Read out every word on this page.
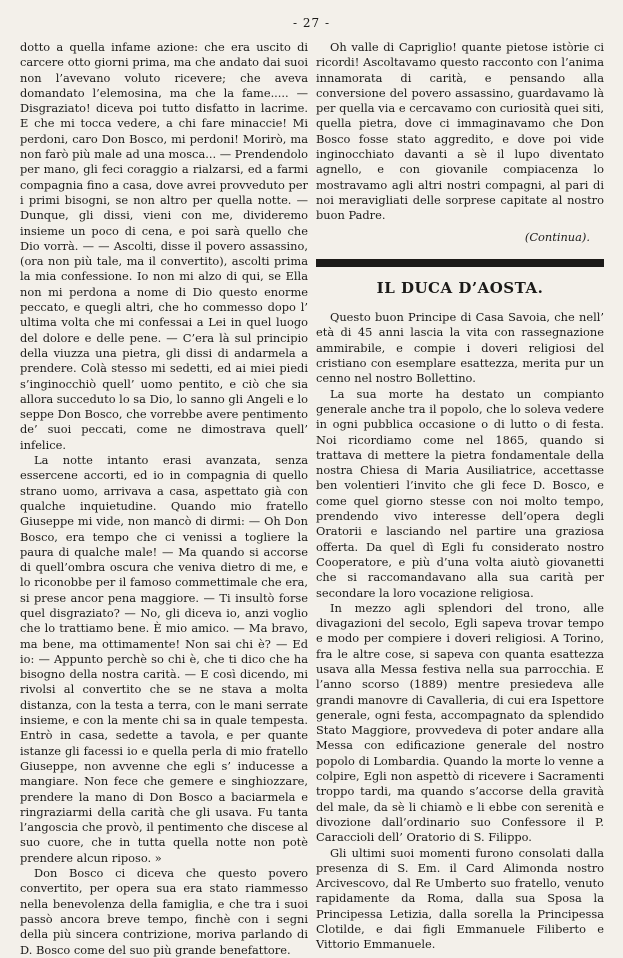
- 27 -

dotto a quella infame azione: che era uscito di carcere otto giorni prima, ma che andato dai suoi non l’avevano voluto ricevere; che aveva domandato l’elemosina, ma che la fame..... — Disgraziato! diceva poi tutto disfatto in lacrime. E che mi tocca vedere, a chi fare minaccie! Mi perdoni, caro Don Bosco, mi perdoni! Morirò, ma non farò più male ad una mosca... — Prendendolo per mano, gli feci coraggio a rialzarsi, ed a farmi compagnia fino a casa, dove avrei provveduto per i primi bisogni, se non altro per quella notte. — Dunque, gli dissi, vieni con me, divideremo insieme un poco di cena, e poi sarà quello che Dio vorrà. — — Ascolti, disse il povero assassino, (ora non più tale, ma il convertito), ascolti prima la mia confessione. Io non mi alzo di qui, se Ella non mi perdona a nome di Dio questo enorme peccato, e quegli altri, che ho commesso dopo l’ ultima volta che mi confessai a Lei in quel luogo del dolore e delle pene. — C’era là sul principio della viuzza una pietra, gli dissi di andarmela a prendere. Colà stesso mi sedetti, ed ai miei piedi s’inginocchiò quell’ uomo pentito, e ciò che sia allora succeduto lo sa Dio, lo sanno gli Angeli e lo seppe Don Bosco, che vorrebbe avere pentimento de’ suoi peccati, come ne dimostrava quell’ infelice.

La notte intanto erasi avanzata, senza essercene accorti, ed io in compagnia di quello strano uomo, arrivava a casa, aspettato già con qualche inquietudine. Quando mio fratello Giuseppe mi vide, non mancò di dirmi: — Oh Don Bosco, era tempo che ci venissi a togliere la paura di qualche male! — Ma quando si accorse di quell’ombra oscura che veniva dietro di me, e lo riconobbe per il famoso commettimale che era, si prese ancor pena maggiore. — Ti insultò forse quel disgraziato? — No, gli diceva io, anzi voglio che lo trattiamo bene. È mio amico. — Ma bravo, ma bene, ma ottimamente! Non sai chi è? — Ed io: — Appunto perchè so chi è, che ti dico che ha bisogno della nostra carità. — E così dicendo, mi rivolsi al convertito che se ne stava a molta distanza, con la testa a terra, con le mani serrate insieme, e con la mente chi sa in quale tempesta. Entrò in casa, sedette a tavola, e per quante istanze gli facessi io e quella perla di mio fratello Giuseppe, non avvenne che egli s’ inducesse a mangiare. Non fece che gemere e singhiozzare, prendere la mano di Don Bosco a baciarmela e ringraziarmi della carità che gli usava. Fu tanta l’angoscia che provò, il pentimento che discese al suo cuore, che in tutta quella notte non potè prendere alcun riposo. »

Don Bosco ci diceva che questo povero convertito, per opera sua era stato riammesso nella benevolenza della famiglia, e che tra i suoi passò ancora breve tempo, finchè con i segni della più sincera contrizione, moriva parlando di D. Bosco come del suo più grande benefattore.

Oh valle di Capriglio! quante pietose istòrie ci ricordi! Ascoltavamo questo racconto con l’anima innamorata di carità, e pensando alla conversione del povero assassino, guardavamo là per quella via e cercavamo con curiosità quei siti, quella pietra, dove ci immaginavamo che Don Bosco fosse stato aggredito, e dove poi vide inginocchiato davanti a sè il lupo diventato agnello, e con giovanile compiacenza lo mostravamo agli altri nostri compagni, al pari di noi meravigliati delle sorprese capitate al nostro buon Padre.

(Continua).
IL DUCA D’AOSTA.

Questo buon Principe di Casa Savoia, che nell’ età di 45 anni lascia la vita con rassegnazione ammirabile, e compie i doveri religiosi del cristiano con esemplare esattezza, merita pur un cenno nel nostro Bollettino.

La sua morte ha destato un compianto generale anche tra il popolo, che lo soleva vedere in ogni pubblica occasione o di lutto o di festa. Noi ricordiamo come nel 1865, quando si trattava di mettere la pietra fondamentale della nostra Chiesa di Maria Ausiliatrice, accettasse ben volentieri l’invito che gli fece D. Bosco, e come quel giorno stesse con noi molto tempo, prendendo vivo interesse dell’opera degli Oratorii e lasciando nel partire una graziosa offerta. Da quel dì Egli fu considerato nostro Cooperatore, e più d’una volta aiutò giovanetti che si raccomandavano alla sua carità per secondare la loro vocazione religiosa.

In mezzo agli splendori del trono, alle divagazioni del secolo, Egli sapeva trovar tempo e modo per compiere i doveri religiosi. A Torino, fra le altre cose, si sapeva con quanta esattezza usava alla Messa festiva nella sua parrocchia. E l’anno scorso (1889) mentre presiedeva alle grandi manovre di Cavalleria, di cui era Ispettore generale, ogni festa, accompagnato da splendido Stato Maggiore, provvedeva di poter andare alla Messa con edificazione generale del nostro popolo di Lombardia. Quando la morte lo venne a colpire, Egli non aspettò di ricevere i Sacramenti troppo tardi, ma quando s’accorse della gravità del male, da sè li chiamò e li ebbe con serenità e divozione dall’ordinario suo Confessore il P. Caraccioli dell’ Oratorio di S. Filippo.

Gli ultimi suoi momenti furono consolati dalla presenza di S. Em. il Card Alimonda nostro Arcivescovo, dal Re Umberto suo fratello, venuto rapidamente da Roma, dalla sua Sposa la Principessa Letizia, dalla sorella la Principessa Clotilde, e dai figli Emmanuele Filiberto e Vittorio Emmanuele.
